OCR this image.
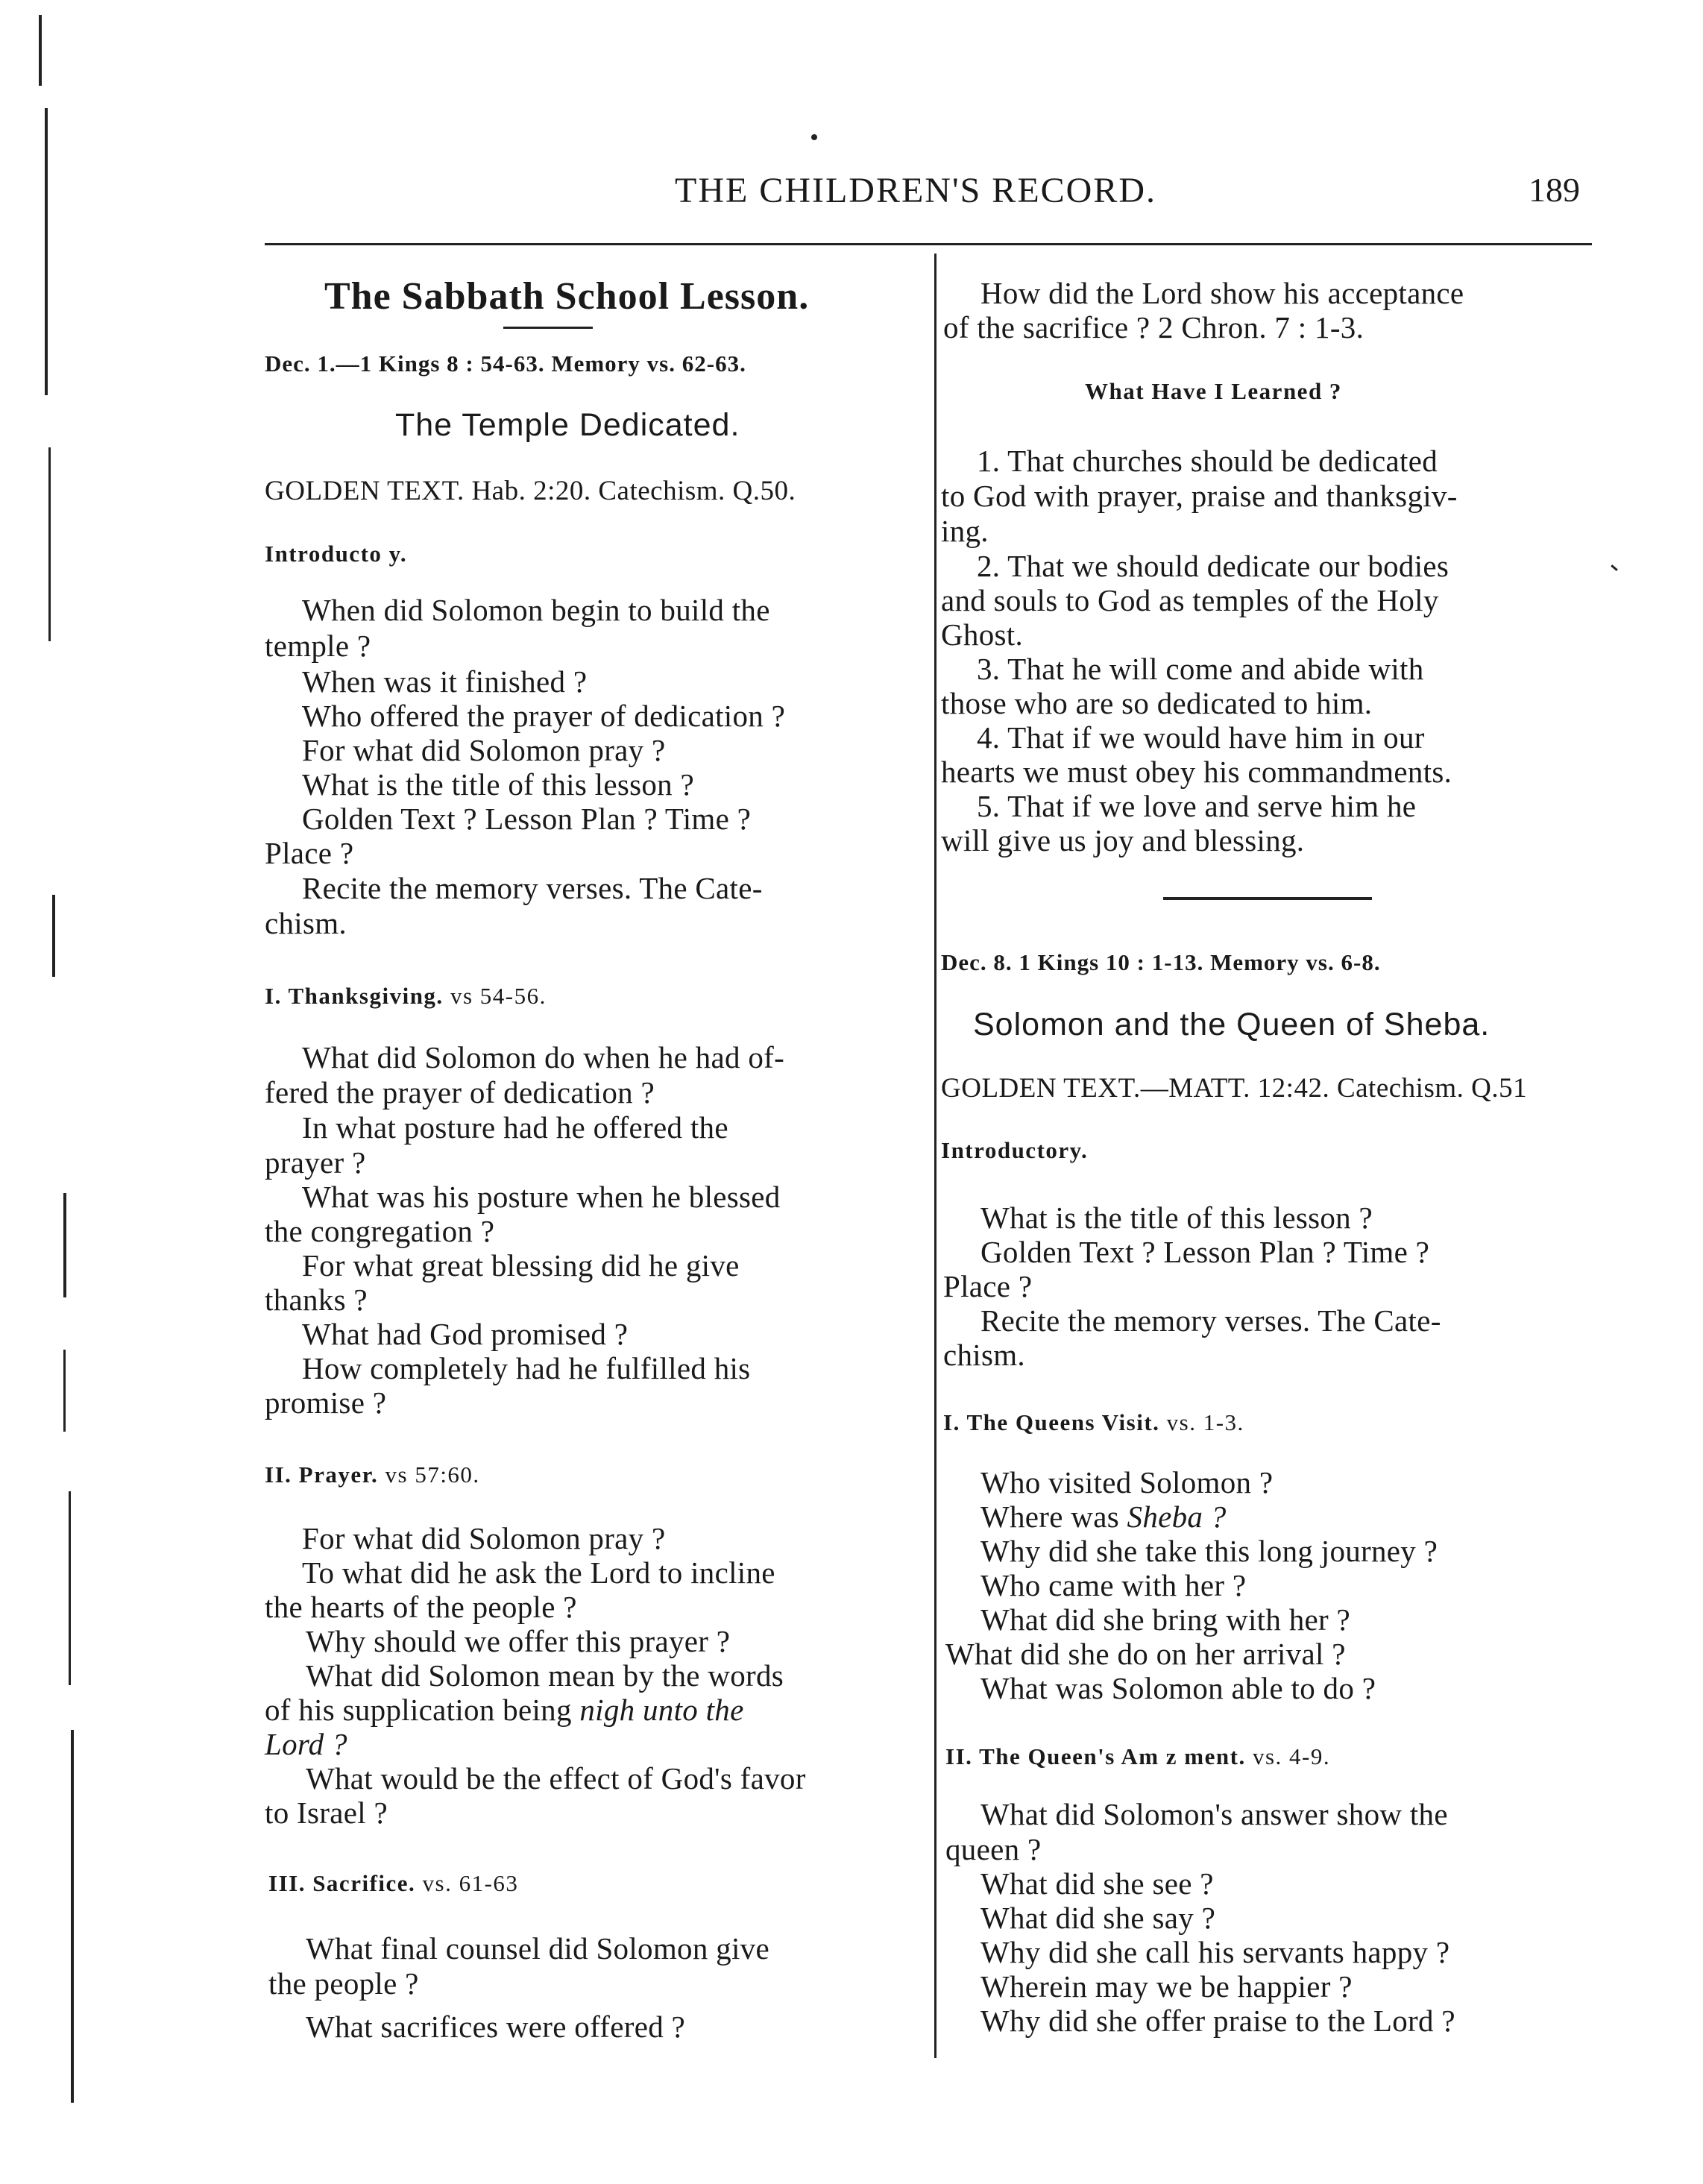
THE CHILDREN'S RECORD.	189
The Sabbath School Lesson.
Dec. 1.—1 Kings 8 : 54-63. Memory vs. 62-63.
The Temple Dedicated.
GOLDEN TEXT. Hab. 2:20. Catechism. Q.50.
Introducto y.
When did Solomon begin to build the
temple ?
When was it finished ?
Who offered the prayer of dedication ?
For what did Solomon pray ?
What is the title of this lesson ?
Golden Text ? Lesson Plan ? Time ?
Place ?
Recite the memory verses. The Cate-
chism.
I. Thanksgiving. vs 54-56.
What did Solomon do when he had of-
fered the prayer of dedication ?
In what posture had he offered the
prayer ?
What was his posture when he blessed
the congregation ?
For what great blessing did he give
thanks ?
What had God promised ?
How completely had he fulfilled his
promise ?
II. Prayer. vs 57:60.
For what did Solomon pray ?
To what did he ask the Lord to incline
the hearts of the people ?
Why should we offer this prayer ?
What did Solomon mean by the words
of his supplication being nigh unto the
Lord ?
What would be the effect of God's favor
to Israel ?
III. Sacrifice. vs. 61-63
What final counsel did Solomon give
the people ?
What sacrifices were offered ?
How did the Lord show his acceptance
of the sacrifice ? 2 Chron. 7 : 1-3.
What Have I Learned ?
1. That churches should be dedicated
to God with prayer, praise and thanksgiv-
ing.
2. That we should dedicate our bodies
and souls to God as temples of the Holy
Ghost.
3. That he will come and abide with
those who are so dedicated to him.
4. That if we would have him in our
hearts we must obey his commandments.
5. That if we love and serve him he
will give us joy and blessing.
Dec. 8. 1 Kings 10 : 1-13. Memory vs. 6-8.
Solomon and the Queen of Sheba.
GOLDEN TEXT.—MATT. 12:42. Catechism. Q.51
Introductory.
What is the title of this lesson ?
Golden Text ? Lesson Plan ? Time ?
Place ?
Recite the memory verses. The Cate-
chism.
I. The Queens Visit. vs. 1-3.
Who visited Solomon ?
Where was Sheba ?
Why did she take this long journey ?
Who came with her ?
What did she bring with her ?
What did she do on her arrival ?
What was Solomon able to do ?
II. The Queen's Am z ment. vs. 4-9.
What did Solomon's answer show the
queen ?
What did she see ?
What did she say ?
Why did she call his servants happy ?
Wherein may we be happier ?
Why did she offer praise to the Lord ?
